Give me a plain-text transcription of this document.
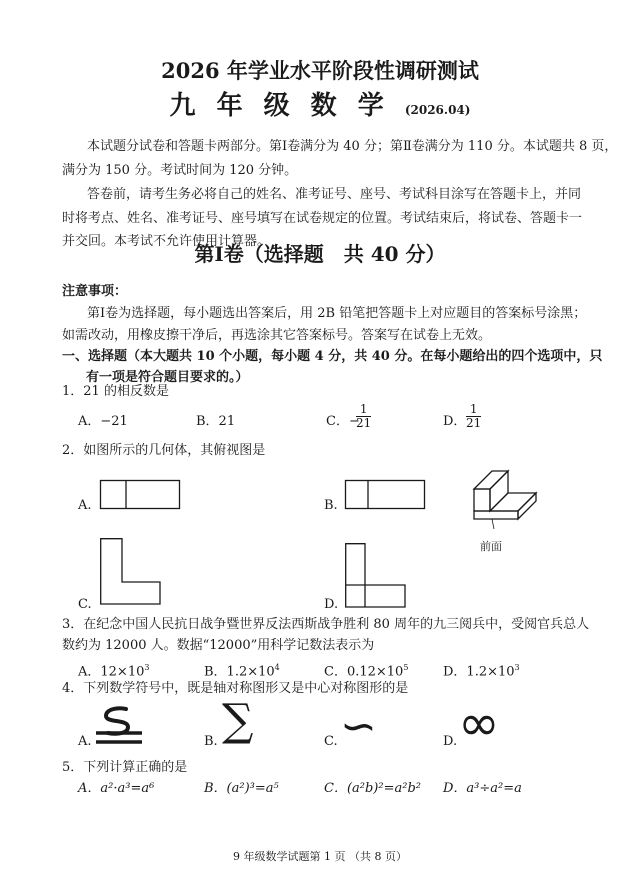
2026 年学业水平阶段性调研测试
九 年 级 数 学 (2026.04)
本试题分试卷和答题卡两部分。第Ⅰ卷满分为 40 分；第Ⅱ卷满分为 110 分。本试题共 8 页，
满分为 150 分。考试时间为 120 分钟。
答卷前，请考生务必将自己的姓名、准考证号、座号、考试科目涂写在答题卡上，并同
时将考点、姓名、准考证号、座号填写在试卷规定的位置。考试结束后，将试卷、答题卡一
并交回。本考试不允许使用计算器。
第Ⅰ卷（选择题　共 40 分）
注意事项：
第Ⅰ卷为选择题，每小题选出答案后，用 2B 铅笔把答题卡上对应题目的答案标号涂黑；
如需改动，用橡皮擦干净后，再选涂其它答案标号。答案写在试卷上无效。
一、选择题（本大题共 10 个小题，每小题 4 分，共 40 分。在每小题给出的四个选项中，只
有一项是符合题目要求的。）
1．21 的相反数是
A．−21	B．21	C．−
$\frac{1}{21}$	D． $\frac{1}{21}$
2．如图所示的几何体，其俯视图是
A.	B.
前面
C.	D.
3．在纪念中国人民抗日战争暨世界反法西斯战争胜利 80 周年的九三阅兵中，受阅官兵总人
数约为 12000 人。数据“12000”用科学记数法表示为
A．$12\times 10^3$	B．$1.2\times 10^4$	C．$0.12\times 10^5$	D．$1.2\times 10^3$
4．下列数学符号中，既是轴对称图形又是中心对称图形的是
A.	B. ∑	C. ∽	D. ∞
5．下列计算正确的是
A．a²·a³=a⁶	B．(a²)³=a⁵	C．(a²b)²=a²b² D．a³÷a²=a
9 年级数学试题第 1 页 （共 8 页）
